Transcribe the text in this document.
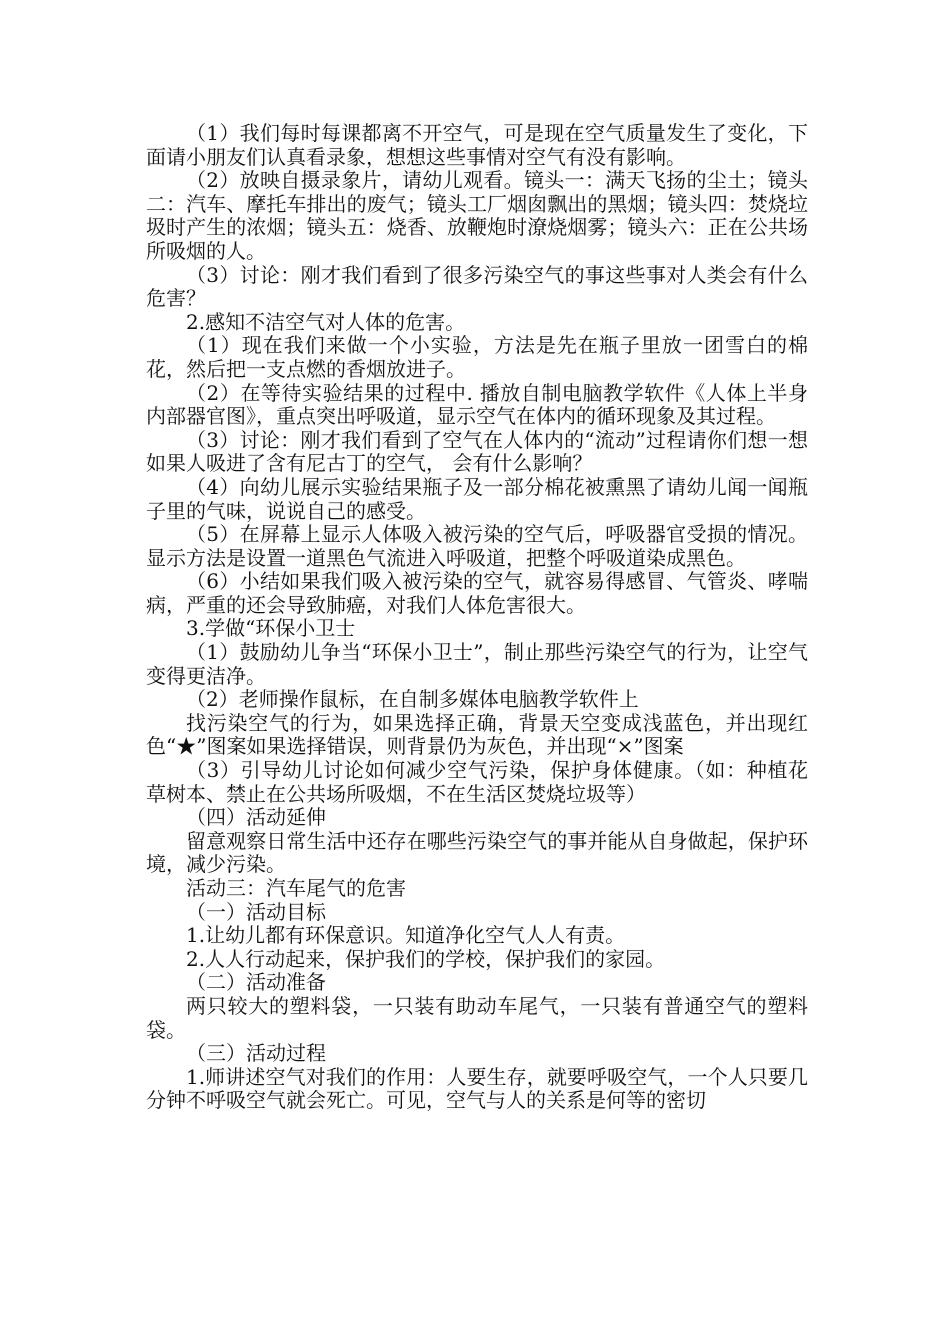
（1）我们每时每课都离不开空气，可是现在空气质量发生了变化，下面请小朋友们认真看录象，想想这些事情对空气有没有影响。

（2）放映自摄录象片，请幼儿观看。镜头一：满天飞扬的尘土；镜头二：汽车、摩托车排出的废气；镜头工厂烟囱飘出的黑烟；镜头四：焚烧垃圾时产生的浓烟；镜头五：烧香、放鞭炮时潦烧烟雾；镜头六：正在公共场所吸烟的人。

（3）讨论：刚才我们看到了很多污染空气的事这些事对人类会有什么危害？

2.感知不洁空气对人体的危害。

（1）现在我们来做一个小实验，方法是先在瓶子里放一团雪白的棉花，然后把一支点燃的香烟放进子。

（2）在等待实验结果的过程中. 播放自制电脑教学软件《人体上半身内部器官图》，重点突出呼吸道，显示空气在体内的循环现象及其过程。

（3）讨论：刚才我们看到了空气在人体内的“流动”过程请你们想一想如果人吸进了含有尼古丁的空气， 会有什么影响？

（4）向幼儿展示实验结果瓶子及一部分棉花被熏黑了请幼儿闻一闻瓶子里的气味，说说自己的感受。

（5）在屏幕上显示人体吸入被污染的空气后，呼吸器官受损的情况。显示方法是设置一道黑色气流进入呼吸道，把整个呼吸道染成黑色。

（6）小结如果我们吸入被污染的空气，就容易得感冒、气管炎、哮喘病，严重的还会导致肺癌，对我们人体危害很大。

3.学做“环保小卫士

（1）鼓励幼儿争当“环保小卫士”，制止那些污染空气的行为，让空气变得更洁净。

（2）老师操作鼠标，在自制多媒体电脑教学软件上

找污染空气的行为，如果选择正确，背景天空变成浅蓝色，并出现红色“★”图案如果选择错误，则背景仍为灰色，并出现“×”图案

（3）引导幼儿讨论如何减少空气污染，保护身体健康。（如：种植花草树本、禁止在公共场所吸烟，不在生活区焚烧垃圾等）

（四）活动延伸

留意观察日常生活中还存在哪些污染空气的事并能从自身做起，保护环境，减少污染。

活动三：汽车尾气的危害

（一）活动目标

1.让幼儿都有环保意识。知道净化空气人人有责。

2.人人行动起来，保护我们的学校，保护我们的家园。

（二）活动准备

两只较大的塑料袋，一只装有助动车尾气，一只装有普通空气的塑料袋。

（三）活动过程

1.师讲述空气对我们的作用：人要生存，就要呼吸空气，一个人只要几分钟不呼吸空气就会死亡。可见，空气与人的关系是何等的密切
